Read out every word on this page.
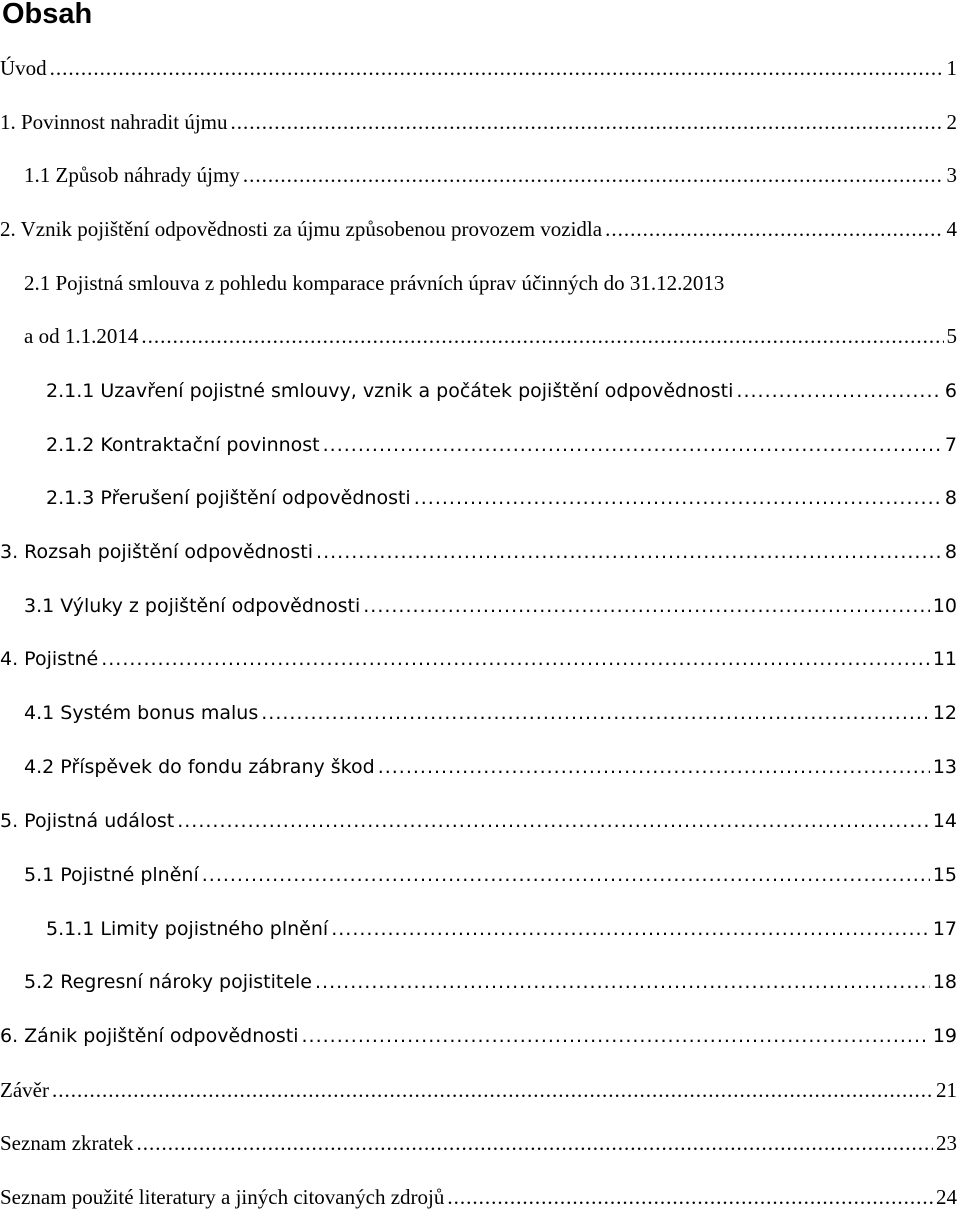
Obsah
Úvod .....	1
1. Povinnost nahradit újmu .....	2
1.1 Způsob náhrady újmy .....	3
2. Vznik pojištění odpovědnosti za újmu způsobenou provozem vozidla .....	4
2.1 Pojistná smlouva z pohledu komparace právních úprav účinných do 31.12.2013
a od 1.1.2014 .....	5
2.1.1 Uzavření pojistné smlouvy, vznik a počátek pojištění odpovědnosti .....	6
2.1.2 Kontraktační povinnost .....	7
2.1.3 Přerušení pojištění odpovědnosti .....	8
3. Rozsah pojištění odpovědnosti .....	8
3.1 Výluky z pojištění odpovědnosti .....	10
4. Pojistné .....	11
4.1 Systém bonus malus .....	12
4.2 Příspěvek do fondu zábrany škod .....	13
5. Pojistná událost .....	14
5.1 Pojistné plnění .....	15
5.1.1 Limity pojistného plnění .....	17
5.2 Regresní nároky pojistitele .....	18
6. Zánik pojištění odpovědnosti .....	19
Závěr .....	21
Seznam zkratek .....	23
Seznam použité literatury a jiných citovaných zdrojů .....	24
